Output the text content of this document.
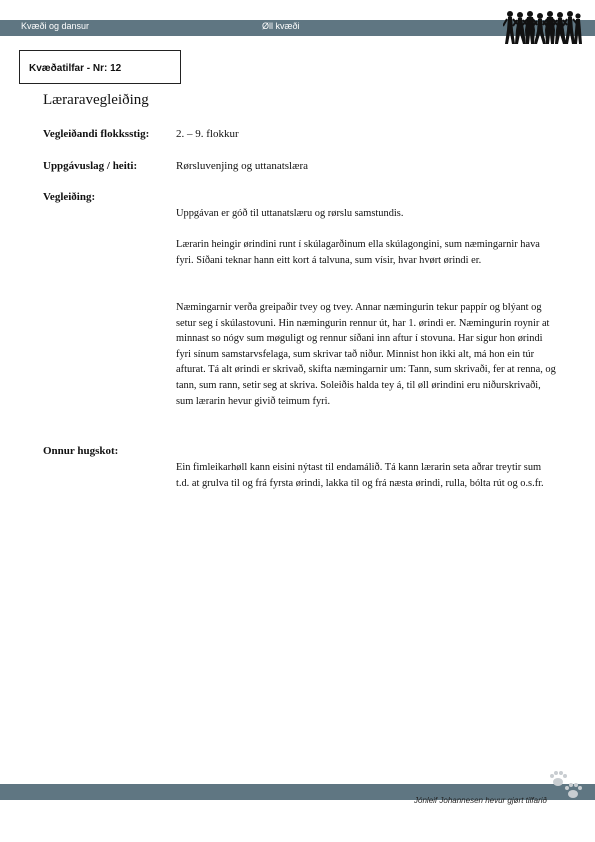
Kvæði og dansur	Øll kvæði
Kvæðatilfar - Nr: 12
Læraravegleiðing
Vegleiðandi flokksstig: 2. – 9. flokkur
Uppgávuslag / heiti:	Rørsluvenjing og uttanatslæra
Vegleiðing:
Uppgávan er góð til uttanatslæru og rørslu samstundis.
Lærarin heingir ørindini runt í skúlagarðinum ella skúlagongini, sum næmingarnir hava fyri. Síðani teknar hann eitt kort á talvuna, sum vísir, hvar hvørt ørindi er.
Næmingarnir verða greipaðir tvey og tvey. Annar næmingurin tekur pappír og blýant og setur seg í skúlastovuni. Hin næmingurin rennur út, har 1. ørindi er. Næmingurin roynir at minnast so nógv sum møguligt og rennur síðani inn aftur í stovuna. Har sigur hon ørindi fyri sínum samstarvsfelaga, sum skrivar tað niður. Minnist hon ikki alt, má hon ein túr afturat. Tá alt ørindi er skrivað, skifta næmingarnir um: Tann, sum skrivaði, fer at renna, og tann, sum rann, setir seg at skriva. Soleiðis halda tey á, til øll ørindini eru niðurskrivaði, sum lærarin hevur givið teimum fyri.
Onnur hugskot:
Ein fimleikarhøll kann eisini nýtast til endamálið. Tá kann lærarin seta aðrar treytir sum t.d. at grulva til og frá fyrsta ørindi, lakka til og frá næsta ørindi, rulla, bólta rút og o.s.fr.
Jónleif Johannesen hevur gjørt tilfarið
